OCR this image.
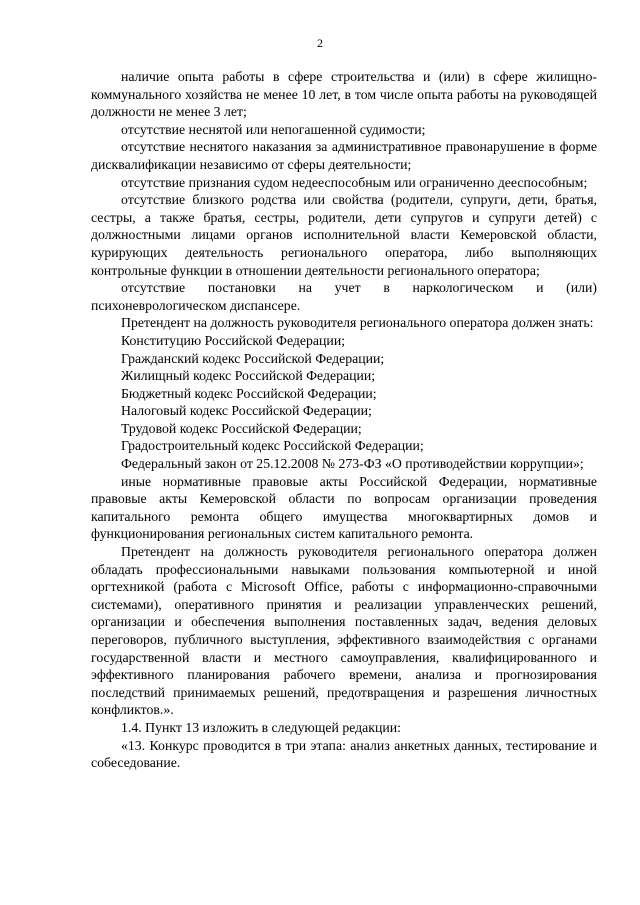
2

наличие опыта работы в сфере строительства и (или) в сфере жилищно-коммунального хозяйства не менее 10 лет, в том числе опыта работы на руководящей должности не менее 3 лет;

отсутствие неснятой или непогашенной судимости;

отсутствие неснятого наказания за административное правонарушение в форме дисквалификации независимо от сферы деятельности;

отсутствие признания судом недееспособным или ограниченно дееспособным;

отсутствие близкого родства или свойства (родители, супруги, дети, братья, сестры, а также братья, сестры, родители, дети супругов и супруги детей) с должностными лицами органов исполнительной власти Кемеровской области, курирующих деятельность регионального оператора, либо выполняющих контрольные функции в отношении деятельности регионального оператора;

отсутствие постановки на учет в наркологическом и (или) психоневрологическом диспансере.

Претендент на должность руководителя регионального оператора должен знать:

Конституцию Российской Федерации;

Гражданский кодекс Российской Федерации;

Жилищный кодекс Российской Федерации;

Бюджетный кодекс Российской Федерации;

Налоговый кодекс Российской Федерации;

Трудовой кодекс Российской Федерации;

Градостроительный кодекс Российской Федерации;

Федеральный закон от 25.12.2008 № 273-ФЗ «О противодействии коррупции»;

иные нормативные правовые акты Российской Федерации, нормативные правовые акты Кемеровской области по вопросам организации проведения капитального ремонта общего имущества многоквартирных домов и функционирования региональных систем капитального ремонта.

Претендент на должность руководителя регионального оператора должен обладать профессиональными навыками пользования компьютерной и иной оргтехникой (работа с Microsoft Office, работы с информационно-справочными системами), оперативного принятия и реализации управленческих решений, организации и обеспечения выполнения поставленных задач, ведения деловых переговоров, публичного выступления, эффективного взаимодействия с органами государственной власти и местного самоуправления, квалифицированного и эффективного планирования рабочего времени, анализа и прогнозирования последствий принимаемых решений, предотвращения и разрешения личностных конфликтов.».

1.4. Пункт 13 изложить в следующей редакции:

«13. Конкурс проводится в три этапа: анализ анкетных данных, тестирование и собеседование.
